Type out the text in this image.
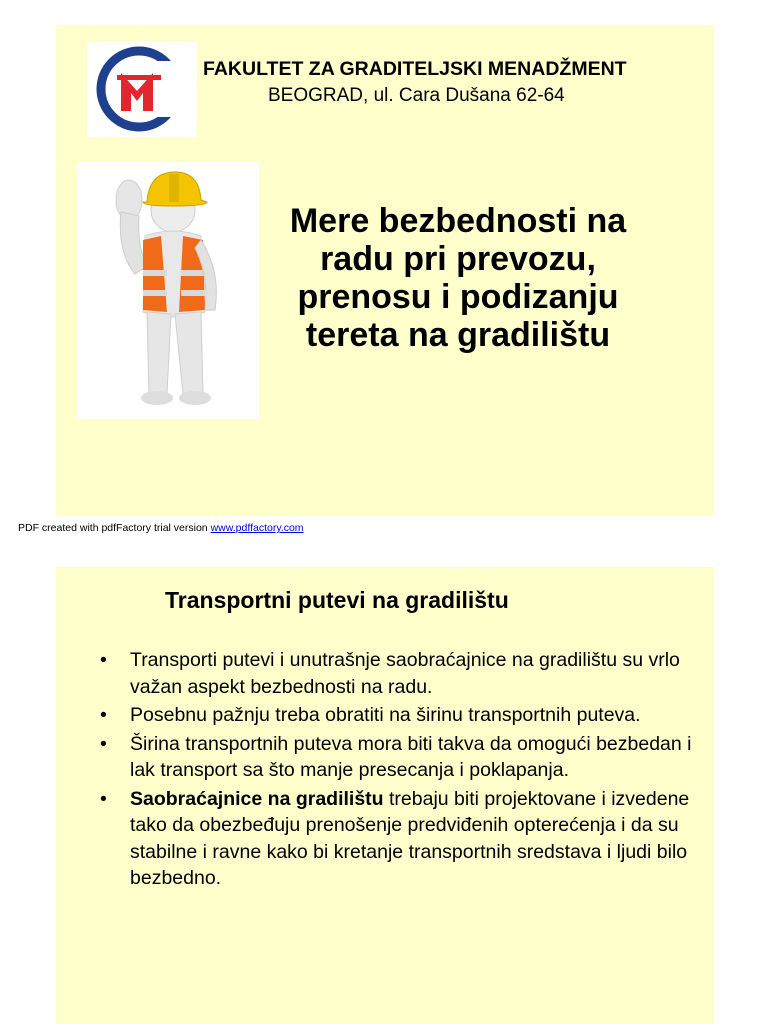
FAKULTET ZA GRADITELJSKI MENADŽMENT
BEOGRAD, ul. Cara Dušana 62-64
Mere bezbednosti na radu pri prevozu, prenosu i podizanju tereta na gradilištu
PDF created with pdfFactory trial version www.pdffactory.com
Transportni putevi na gradilištu
• Transporti putevi i unutrašnje saobraćajnice na gradilištu su vrlo važan aspekt bezbednosti na radu.
• Posebnu pažnju treba obratiti na širinu transportnih puteva.
• Širina transportnih puteva mora biti takva da omogući bezbedan i lak transport sa što manje presecanja i poklapanja.
• Saobraćajnice na gradilištu trebaju biti projektovane i izvedene tako da obezbeđuju prenošenje predviđenih opterećenja i da su stabilne i ravne kako bi kretanje transportnih sredstava i ljudi bilo bezbedno.
